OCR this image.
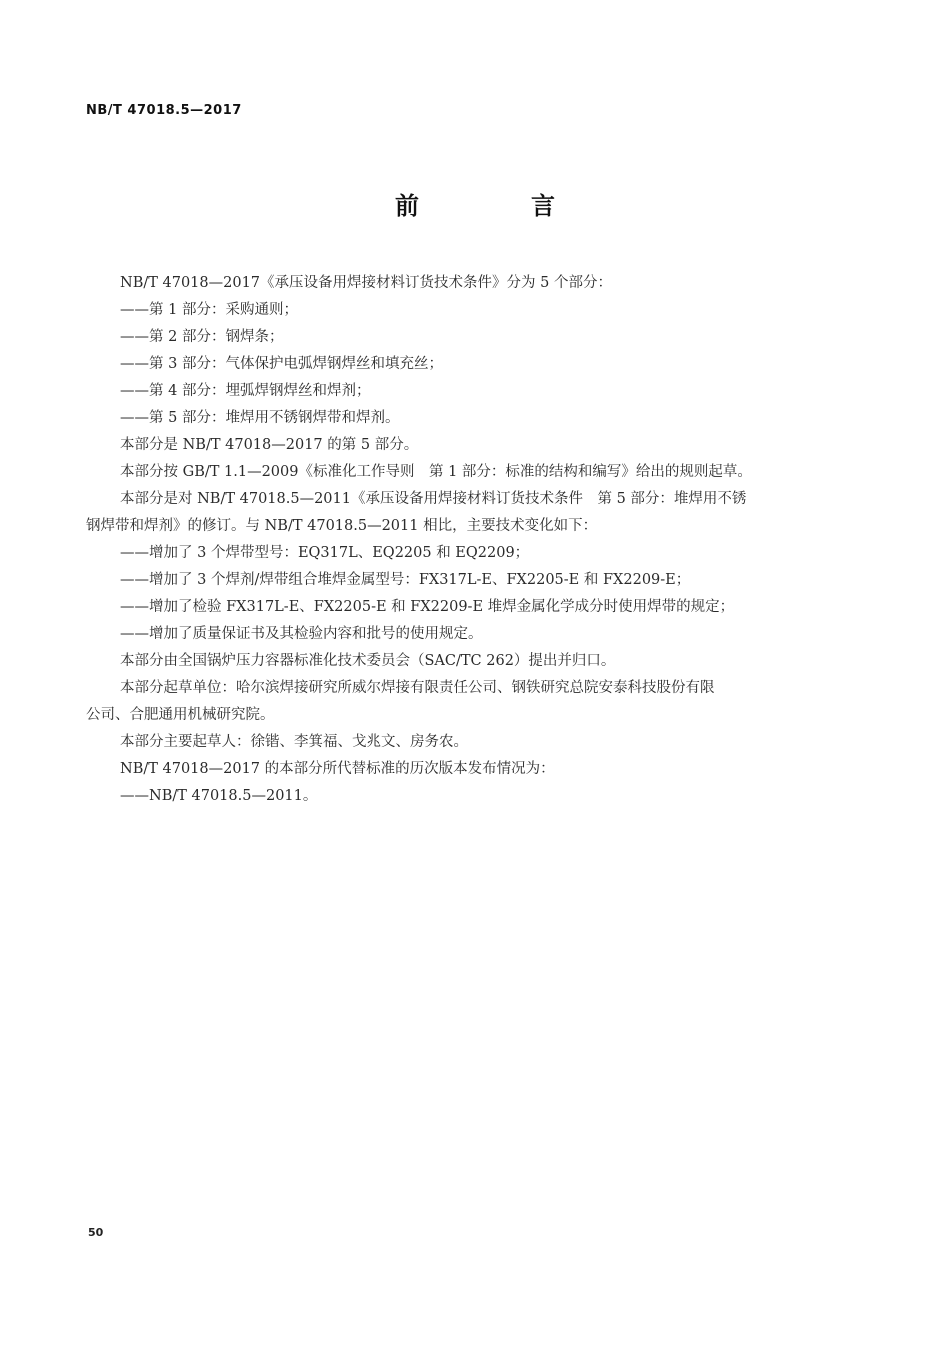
NB/T 47018.5—2017
前　言

NB/T 47018—2017《承压设备用焊接材料订货技术条件》分为 5 个部分：

——第 1 部分：采购通则；

——第 2 部分：钢焊条；

——第 3 部分：气体保护电弧焊钢焊丝和填充丝；

——第 4 部分：埋弧焊钢焊丝和焊剂；

——第 5 部分：堆焊用不锈钢焊带和焊剂。

本部分是 NB/T 47018—2017 的第 5 部分。

本部分按 GB/T 1.1—2009《标准化工作导则　第 1 部分：标准的结构和编写》给出的规则起草。

本部分是对 NB/T 47018.5—2011《承压设备用焊接材料订货技术条件　第 5 部分：堆焊用不锈

钢焊带和焊剂》的修订。与 NB/T 47018.5—2011 相比，主要技术变化如下：

——增加了 3 个焊带型号：EQ317L、EQ2205 和 EQ2209；

——增加了 3 个焊剂/焊带组合堆焊金属型号：FX317L-E、FX2205-E 和 FX2209-E；

——增加了检验 FX317L-E、FX2205-E 和 FX2209-E 堆焊金属化学成分时使用焊带的规定；

——增加了质量保证书及其检验内容和批号的使用规定。

本部分由全国锅炉压力容器标准化技术委员会（SAC/TC 262）提出并归口。

本部分起草单位：哈尔滨焊接研究所威尔焊接有限责任公司、钢铁研究总院安泰科技股份有限

公司、合肥通用机械研究院。

本部分主要起草人：徐锴、李箕福、戈兆文、房务农。

NB/T 47018—2017 的本部分所代替标准的历次版本发布情况为：

——NB/T 47018.5—2011。

50
